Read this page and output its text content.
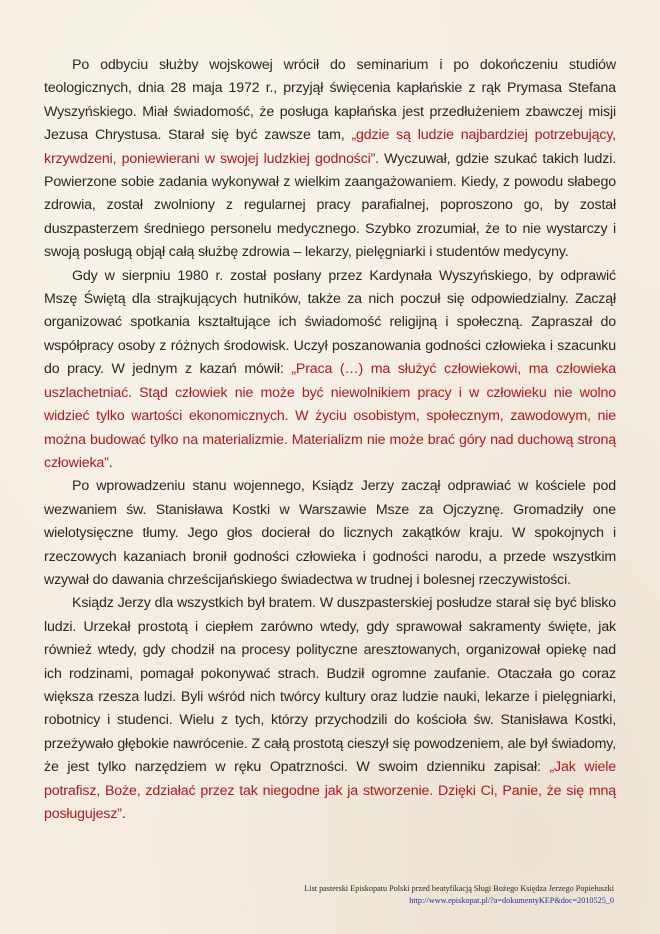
Po odbyciu służby wojskowej wrócił do seminarium i po dokończeniu studiów teologicznych, dnia 28 maja 1972 r., przyjął święcenia kapłańskie z rąk Prymasa Stefana Wyszyńskiego. Miał świadomość, że posługa kapłańska jest przedłużeniem zbawczej misji Jezusa Chrystusa. Starał się być zawsze tam, „gdzie są ludzie najbardziej potrzebujący, krzywdzeni, poniewierani w swojej ludzkiej godności”. Wyczuwał, gdzie szukać takich ludzi. Powierzone sobie zadania wykonywał z wielkim zaangażowaniem. Kiedy, z powodu słabego zdrowia, został zwolniony z regularnej pracy parafialnej, poproszono go, by został duszpasterzem średniego personelu medycznego. Szybko zrozumiał, że to nie wystarczy i swoją posługą objął całą służbę zdrowia – lekarzy, pielęgniarki i studentów medycyny.

Gdy w sierpniu 1980 r. został posłany przez Kardynała Wyszyńskiego, by odprawić Mszę Świętą dla strajkujących hutników, także za nich poczuł się odpowiedzialny. Zaczął organizować spotkania kształtujące ich świadomość religijną i społeczną. Zapraszał do współpracy osoby z różnych środowisk. Uczył poszanowania godności człowieka i szacunku do pracy. W jednym z kazań mówił: „Praca (…) ma służyć człowiekowi, ma człowieka uszlachetniać. Stąd człowiek nie może być niewolnikiem pracy i w człowieku nie wolno widzieć tylko wartości ekonomicznych. W życiu osobistym, społecznym, zawodowym, nie można budować tylko na materializmie. Materializm nie może brać góry nad duchową stroną człowieka”.

Po wprowadzeniu stanu wojennego, Ksiądz Jerzy zaczął odprawiać w kościele pod wezwaniem św. Stanisława Kostki w Warszawie Msze za Ojczyznę. Gromadziły one wielotysięczne tłumy. Jego głos docierał do licznych zakątków kraju. W spokojnych i rzeczowych kazaniach bronił godności człowieka i godności narodu, a przede wszystkim wzywał do dawania chrześcijańskiego świadectwa w trudnej i bolesnej rzeczywistości.

Ksiądz Jerzy dla wszystkich był bratem. W duszpasterskiej posłudze starał się być blisko ludzi. Urzekał prostotą i ciepłem zarówno wtedy, gdy sprawował sakramenty święte, jak również wtedy, gdy chodził na procesy polityczne aresztowanych, organizował opiekę nad ich rodzinami, pomagał pokonywać strach. Budził ogromne zaufanie. Otaczała go coraz większa rzesza ludzi. Byli wśród nich twórcy kultury oraz ludzie nauki, lekarze i pielęgniarki, robotnicy i studenci. Wielu z tych, którzy przychodzili do kościoła św. Stanisława Kostki, przeżywało głębokie nawrócenie. Z całą prostotą cieszył się powodzeniem, ale był świadomy, że jest tylko narzędziem w ręku Opatrzności. W swoim dzienniku zapisał: „Jak wiele potrafisz, Boże, zdziałać przez tak niegodne jak ja stworzenie. Dzięki Ci, Panie, że się mną posługujesz”.

List pasterski Episkopatu Polski przed beatyfikacją Sługi Bożego Księdza Jerzego Popiełuszki
http://www.episkopat.pl/?a=dokumentyKEP&doc=2010525_0
